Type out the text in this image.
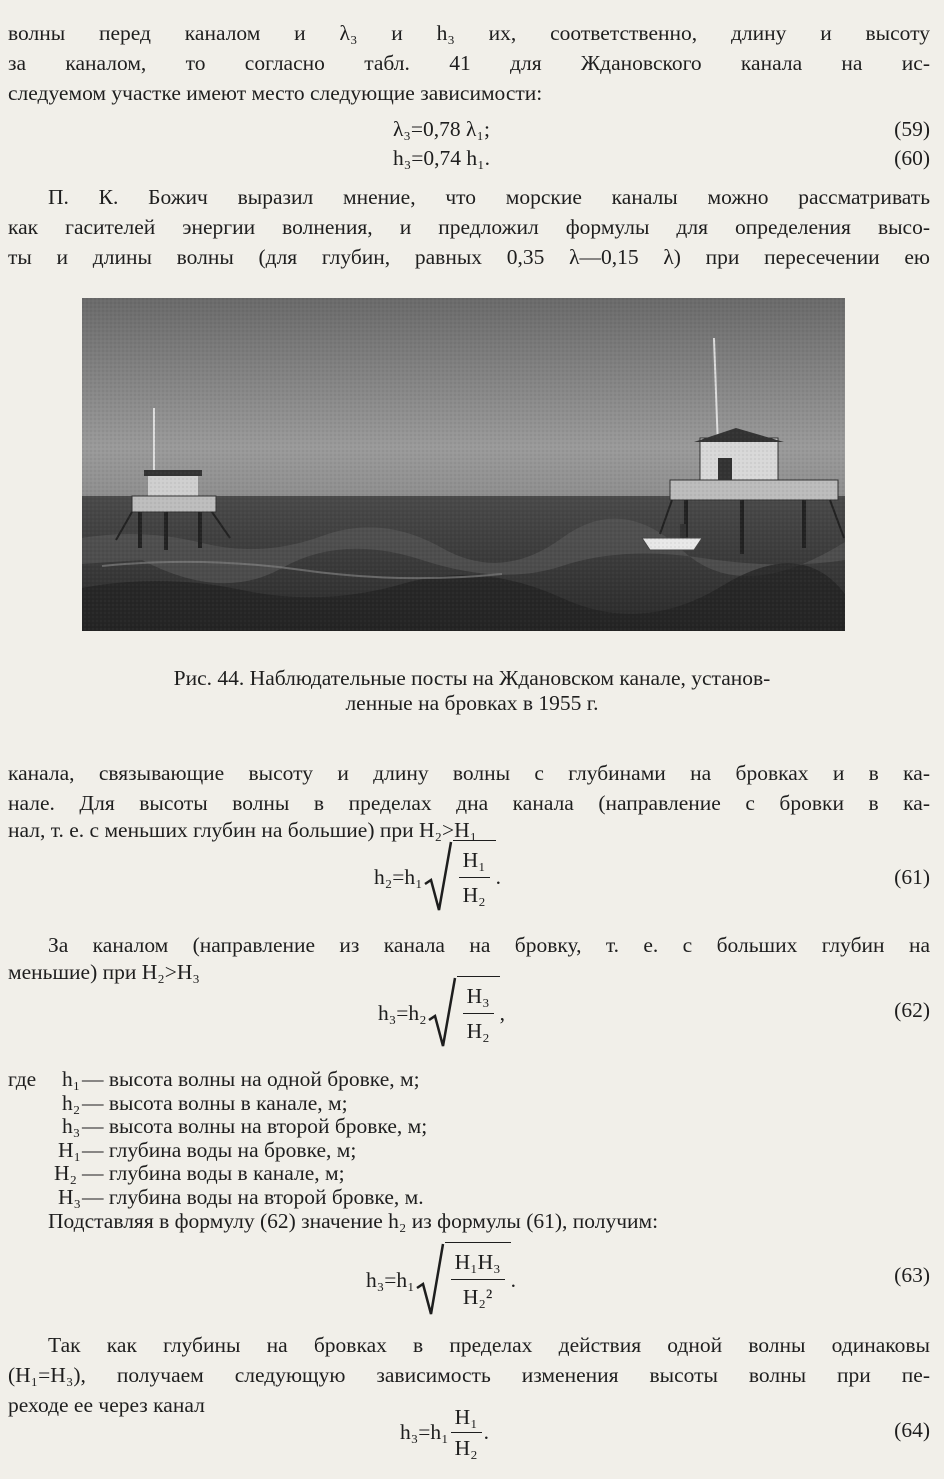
волны перед каналом и λ₃ и h₃ их, соответственно, длину и высоту
за каналом, то согласно табл. 41 для Ждановского канала на ис-
следуемом участке имеют место следующие зависимости:
λ₃=0,78 λ₁;	(59)
h₃=0,74 h₁.	(60)
П. К. Божич выразил мнение, что морские каналы можно рассматривать
как гасителей энергии волнения, и предложил формулы для определения высо-
ты и длины волны (для глубин, равных 0,35 λ—0,15 λ) при пересечении ею
Рис. 44. Наблюдательные посты на Ждановском канале, установ-
ленные на бровках в 1955 г.
канала, связывающие высоту и длину волны с глубинами на бровках и в ка-
нале. Для высоты волны в пределах дна канала (направление с бровки в ка-
нал, т. е. с меньших глубин на большие) при H₂>H₁
$h_2=h_1 \frac{\text{H₁}}{\text{H₂}}$ .	(61)
За каналом (направление из канала на бровку, т. е. с больших глубин на
меньшие) при H₂>H₃
$h_3=h_2 \frac{\text{H₃}}{\text{H₂}}$ ,	(62)
где h₁— высота волны на одной бровке, м;
h₂— высота волны в канале, м;
h₃— высота волны на второй бровке, м;
H₁— глубина воды на бровке, м;
H₂ — глубина воды в канале, м;
H₃— глубина воды на второй бровке, м.
Подставляя в формулу (62) значение h₂ из формулы (61), получим:
$h_3=h_1 \frac{\text{H₁H₃}}{\text{H₂²}}$ .	(63)
Так как глубины на бровках в пределах действия одной волны одинаковы
(H₁=H₃), получаем следующую зависимость изменения высоты волны при пе-
реходе ее через канал
$h_3=h_1 \frac{\text{H₁}}{\text{H₂}}$ .	(64)
